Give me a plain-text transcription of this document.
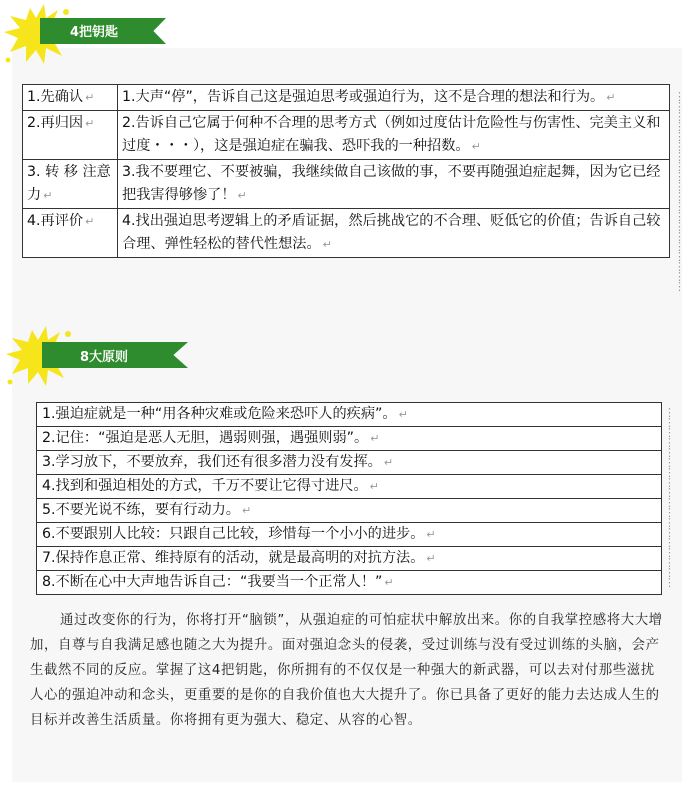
4把钥匙
1.先确认 ↵	1.大声“停”，告诉自己这是强迫思考或强迫行为，这不是合理的想法和行为。 ↵
2.再归因 ↵	2.告诉自己它属于何种不合理的思考方式（例如过度估计危险性与伤害性、完美主义和过度・・・），这是强迫症在骗我、恐吓我的一种招数。 ↵
3. 转 移 注意力 ↵	3.我不要理它、不要被骗，我继续做自己该做的事，不要再随强迫症起舞，因为它已经把我害得够惨了！ ↵
4.再评价 ↵	4.找出强迫思考逻辑上的矛盾证据，然后挑战它的不合理、贬低它的价值；告诉自己较合理、弹性轻松的替代性想法。 ↵
8大原则
1.强迫症就是一种“用各种灾难或危险来恐吓人的疾病”。 ↵
2.记住：“强迫是恶人无胆，遇弱则强，遇强则弱”。 ↵
3.学习放下，不要放弃，我们还有很多潜力没有发挥。 ↵
4.找到和强迫相处的方式，千万不要让它得寸进尺。 ↵
5.不要光说不练，要有行动力。 ↵
6.不要跟别人比较：只跟自己比较，珍惜每一个小小的进步。 ↵
7.保持作息正常、维持原有的活动，就是最高明的对抗方法。 ↵
8.不断在心中大声地告诉自己：“我要当一个正常人！” ↵
⋮
⋮
⋮
⋮
⋮
⋮
⋮
⋮
⋮
⋮
⋮
⋮
⋮
⋮
⋮
⋮
⋮
⋮
⋮
⋮
⋮
⋮
⋮
⋮
⋮
⋮
⋮
⋮
⋮
⋮
⋮
⋮
⋮
⋮
⋮
⋮
⋮
⋮

通过改变你的行为，你将打开“脑锁”，从强迫症的可怕症状中解放出来。你的自我掌控感将大大增加，自尊与自我满足感也随之大为提升。面对强迫念头的侵袭，受过训练与没有受过训练的头脑，会产生截然不同的反应。掌握了这4把钥匙，你所拥有的不仅仅是一种强大的新武器，可以去对付那些滋扰人心的强迫冲动和念头，更重要的是你的自我价值也大大提升了。你已具备了更好的能力去达成人生的目标并改善生活质量。你将拥有更为强大、稳定、从容的心智。
